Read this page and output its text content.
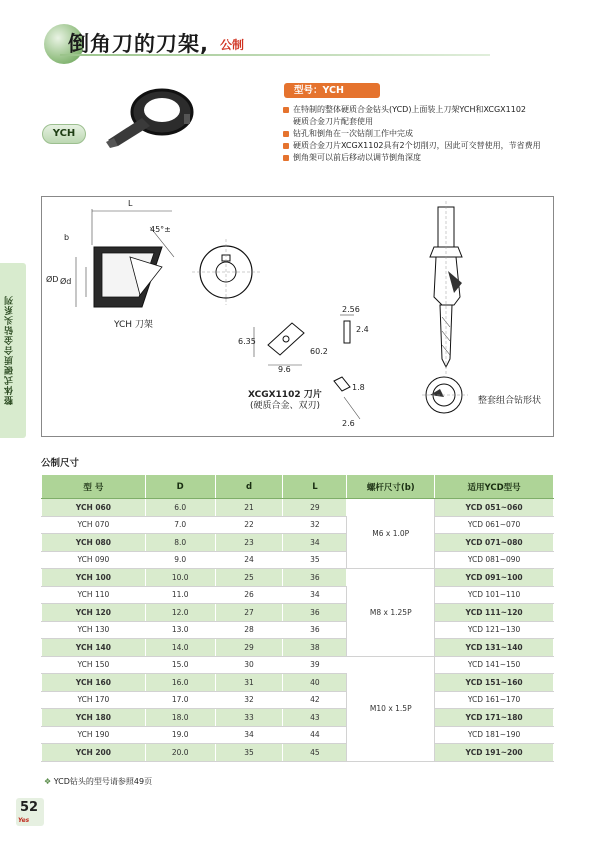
倒角刀的刀架, 公制
整体式硬质合金钻头系列
YCH
型号：YCH
在特制的整体硬质合金钻头(YCD)上面装上刀架YCH和XCGX1102
硬质合金刀片配套使用
钻孔和倒角在一次钻削工作中完成
硬质合金刀片XCGX1102具有2个切削刃，因此可交替使用，节省费用
倒角架可以前后移动以调节倒角深度
L
45°±
b
ØD Ød
YCH 刀架
2.56
6.35
9.6
60.2
2.4
1.8
2.6
XCGX1102 刀片
(硬质合金、双刃)	整套组合钻形状
公制尺寸
型 号	D	d	L	螺杆尺寸(b)	适用YCD型号
YCH 060	6.0	21	29	M6 x 1.0P	YCD 051~060
YCH 070	7.0	22	32		YCD 061~070
YCH 080	8.0	23	34		YCD 071~080
YCH 090	9.0	24	35		YCD 081~090
YCH 100	10.0	25	36	M8 x 1.25P	YCD 091~100
YCH 110	11.0	26	34		YCD 101~110
YCH 120	12.0	27	36		YCD 111~120
YCH 130	13.0	28	36		YCD 121~130
YCH 140	14.0	29	38		YCD 131~140
YCH 150	15.0	30	39	M10 x 1.5P	YCD 141~150
YCH 160	16.0	31	40		YCD 151~160
YCH 170	17.0	32	42		YCD 161~170
YCH 180	18.0	33	43		YCD 171~180
YCH 190	19.0	34	44		YCD 181~190
YCH 200	20.0	35	45		YCD 191~200
❖ YCD钻头的型号请参照49页
52
Yes
